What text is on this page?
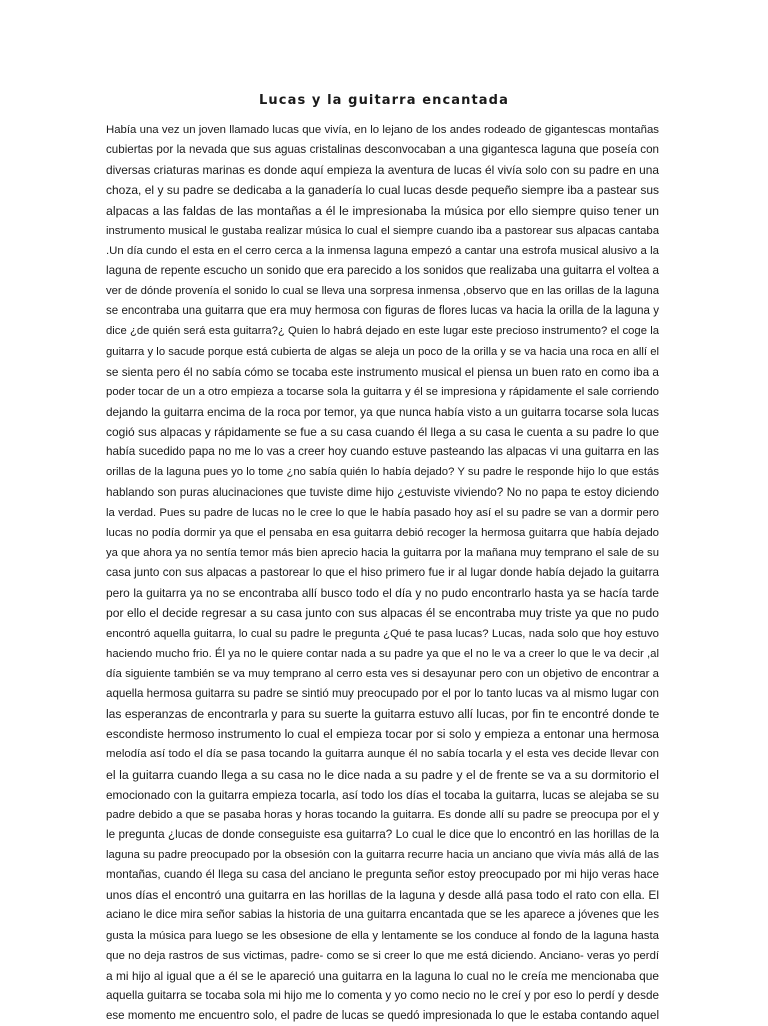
Lucas y la guitarra encantada
Había una vez un joven llamado lucas que vivía, en lo lejano de los andes rodeado de gigantescas montañas
cubiertas por la nevada que sus aguas cristalinas desconvocaban a una gigantesca laguna que poseía con
diversas criaturas marinas es donde aquí empieza la aventura de lucas él vivía solo con su padre en una
choza, el y su padre se dedicaba a la ganadería lo cual lucas desde pequeño siempre iba a pastear sus
alpacas a las faldas de las montañas a él le impresionaba la música por ello siempre quiso tener un
instrumento musical le gustaba realizar música lo cual el siempre cuando iba a pastorear sus alpacas cantaba
.Un día cundo el esta en el cerro cerca a la inmensa laguna empezó a cantar una estrofa musical alusivo a la
laguna de repente escucho un sonido que era parecido a los sonidos que realizaba una guitarra el voltea a
ver de dónde provenía el sonido lo cual se lleva una sorpresa inmensa ,observo que en las orillas de la laguna
se encontraba una guitarra que era muy hermosa con figuras de flores lucas va hacia la orilla de la laguna y
dice ¿de quién será esta guitarra?¿ Quien lo habrá dejado en este lugar este precioso instrumento? el coge la
guitarra y lo sacude porque está cubierta de algas se aleja un poco de la orilla y se va hacia una roca en allí el
se sienta pero él no sabía cómo se tocaba este instrumento musical el piensa un buen rato en como iba a
poder tocar de un a otro empieza a tocarse sola la guitarra y él se impresiona y rápidamente el sale corriendo
dejando la guitarra encima de la roca por temor, ya que nunca había visto a un guitarra tocarse sola lucas
cogió sus alpacas y rápidamente se fue a su casa cuando él llega a su casa le cuenta a su padre lo que
había sucedido papa no me lo vas a creer hoy cuando estuve pasteando las alpacas vi una guitarra en las
orillas de la laguna pues yo lo tome ¿no sabía quién lo había dejado? Y su padre le responde hijo lo que estás
hablando son puras alucinaciones que tuviste dime hijo ¿estuviste viviendo? No no papa te estoy diciendo
la verdad. Pues su padre de lucas no le cree lo que le había pasado hoy así el su padre se van a dormir pero
lucas no podía dormir ya que el pensaba en esa guitarra debió recoger la hermosa guitarra que había dejado
ya que ahora ya no sentía temor más bien aprecio hacia la guitarra por la mañana muy temprano el sale de su
casa junto con sus alpacas a pastorear lo que el hiso primero fue ir al lugar donde había dejado la guitarra
pero la guitarra ya no se encontraba allí busco todo el día y no pudo encontrarlo hasta ya se hacía tarde
por ello el decide regresar a su casa junto con sus alpacas él se encontraba muy triste ya que no pudo
encontró aquella guitarra, lo cual su padre le pregunta ¿Qué te pasa lucas? Lucas, nada solo que hoy estuvo
haciendo mucho frio. Él ya no le quiere contar nada a su padre ya que el no le va a creer lo que le va decir ,al
día siguiente también se va muy temprano al cerro esta ves si desayunar pero con un objetivo de encontrar a
aquella hermosa guitarra su padre se sintió muy preocupado por el por lo tanto lucas va al mismo lugar con
las esperanzas de encontrarla y para su suerte la guitarra estuvo allí lucas, por fin te encontré donde te
escondiste hermoso instrumento lo cual el empieza tocar por si solo y empieza a entonar una hermosa
melodía así todo el día se pasa tocando la guitarra aunque él no sabía tocarla y el esta ves decide llevar con
el la guitarra cuando llega a su casa no le dice nada a su padre y el de frente se va a su dormitorio el
emocionado con la guitarra empieza tocarla, así todo los días el tocaba la guitarra, lucas se alejaba se su
padre debido a que se pasaba horas y horas tocando la guitarra. Es donde allí su padre se preocupa por el y
le pregunta ¿lucas de donde conseguiste esa guitarra? Lo cual le dice que lo encontró en las horillas de la
laguna su padre preocupado por la obsesión con la guitarra recurre hacia un anciano que vivía más allá de las
montañas, cuando él llega su casa del anciano le pregunta señor estoy preocupado por mi hijo veras hace
unos días el encontró una guitarra en las horillas de la laguna y desde allá pasa todo el rato con ella. El
aciano le dice mira señor sabias la historia de una guitarra encantada que se les aparece a jóvenes que les
gusta la música para luego se les obsesione de ella y lentamente se los conduce al fondo de la laguna hasta
que no deja rastros de sus victimas, padre- como se si creer lo que me está diciendo. Anciano- veras yo perdí
a mi hijo al igual que a él se le apareció una guitarra en la laguna lo cual no le creía me mencionaba que
aquella guitarra se tocaba sola mi hijo me lo comenta y yo como necio no le creí y por eso lo perdí y desde
ese momento me encuentro solo, el padre de lucas se quedó impresionada lo que le estaba contando aquel
